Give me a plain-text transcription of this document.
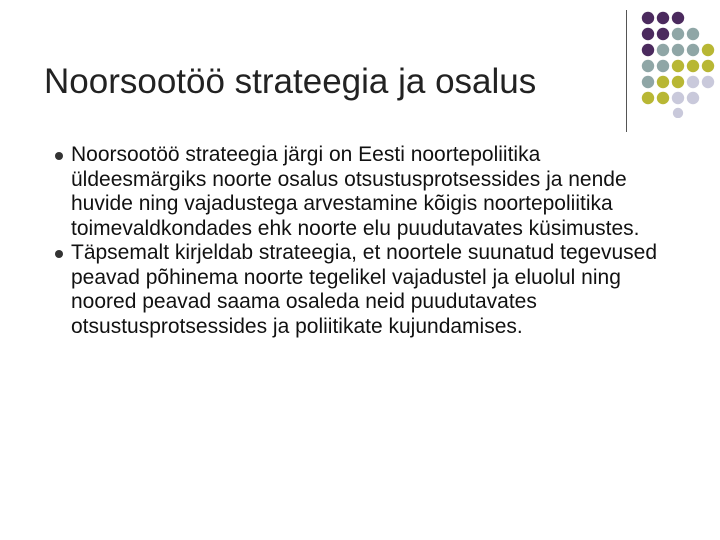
Noorsootöö strateegia ja osalus
Noorsootöö strateegia järgi on Eesti noortepoliitika üldeesmärgiks noorte osalus otsustusprotsessides ja nende huvide ning vajadustega arvestamine kõigis noortepoliitika toimevaldkondades ehk noorte elu puudutavates küsimustes.
Täpsemalt kirjeldab strateegia, et noortele suunatud tegevused peavad põhinema noorte tegelikel vajadustel ja eluolul ning noored peavad saama osaleda neid puudutavates otsustusprotsessides ja poliitikate kujundamises.
